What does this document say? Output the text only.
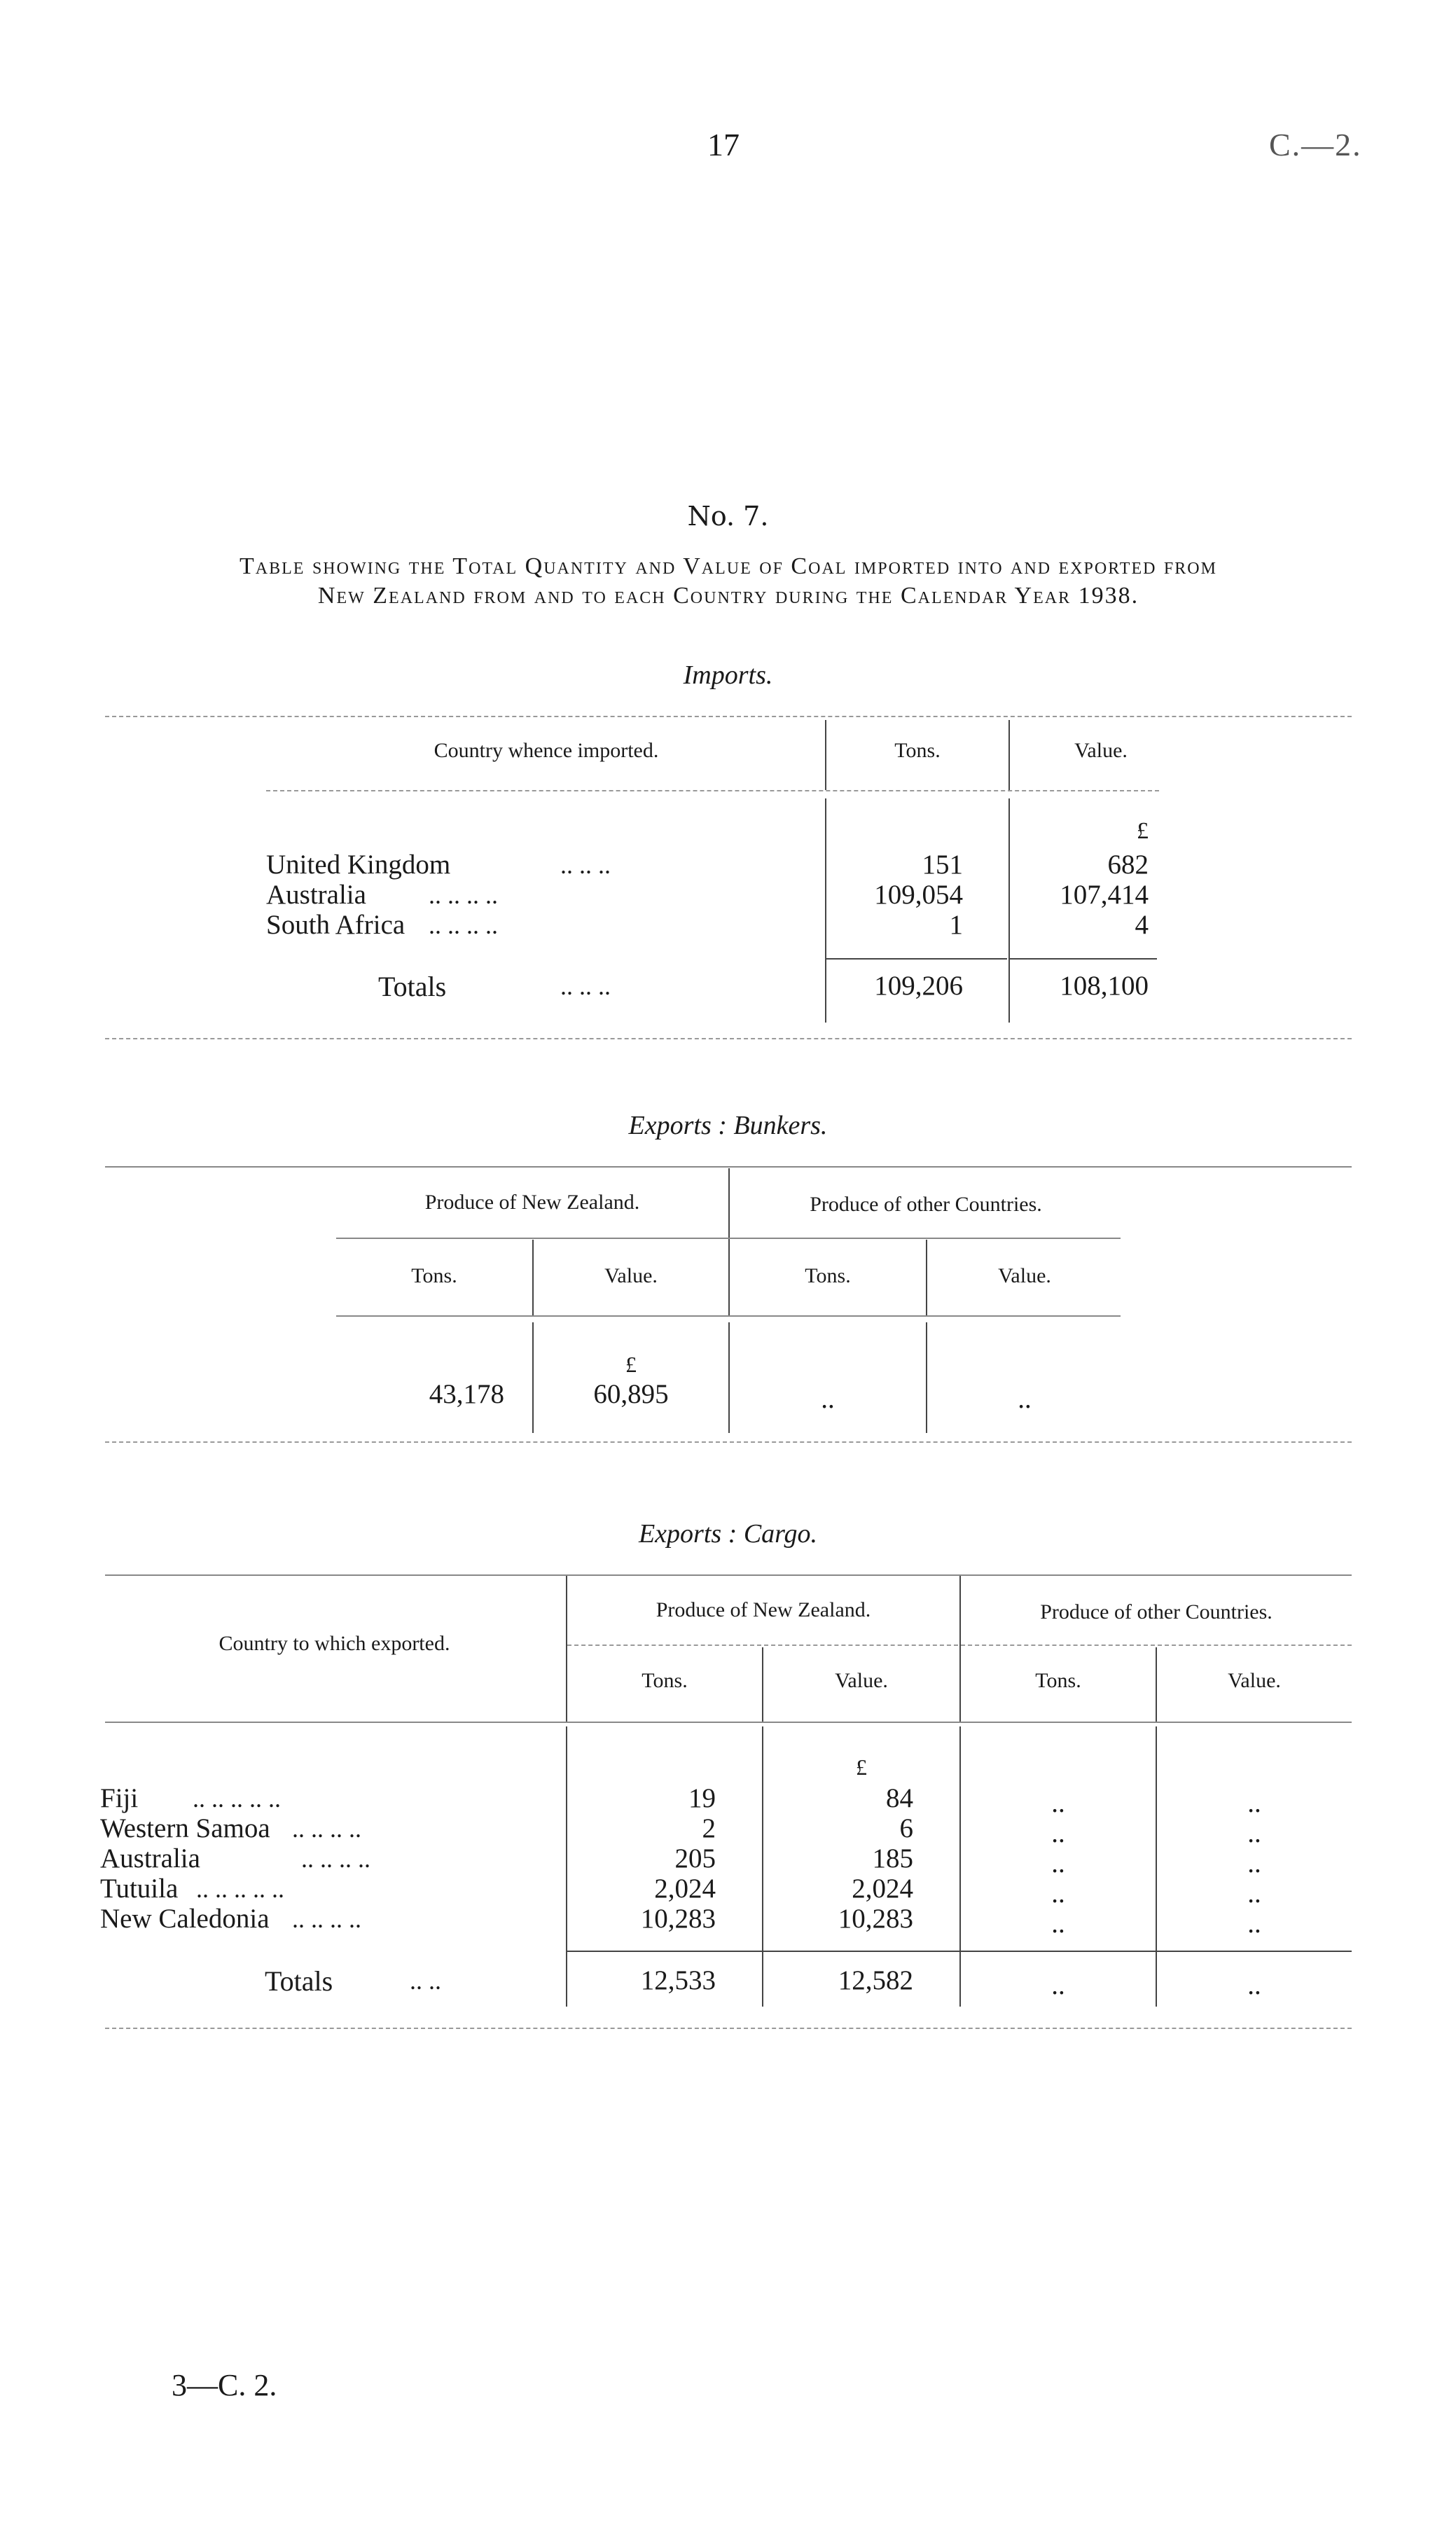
17	C.—2.
No. 7.
Table showing the Total Quantity and Value of Coal imported into and exported from
New Zealand from and to each Country during the Calendar Year 1938.
Imports.
Country whence imported.	Tons.	Value.
£
United Kingdom	.. .. ..	151	682
Australia .. .. .. ..	109,054	107,414
South Africa .. .. .. ..	1	4
Totals	.. .. ..	109,206	108,100
Exports : Bunkers.
Produce of New Zealand.	Produce of other Countries.
Tons.	Value.	Tons.	Value.
£
43,178	60,895	..	..
Exports : Cargo.
Country to which exported.
Produce of New Zealand.	Produce of other Countries.
Tons.	Value.	Tons.	Value.
£
Fiji .. .. .. .. ..	19	84	..	..
Western Samoa .. .. .. ..	2	6	..	..
Australia	.. .. .. ..	205	185	..	..
Tutuila .. .. .. .. ..	2,024	2,024	..	..
New Caledonia .. .. .. ..	10,283	10,283	..	..
Totals	.. ..	12,533	12,582	..	..
3—C. 2.
